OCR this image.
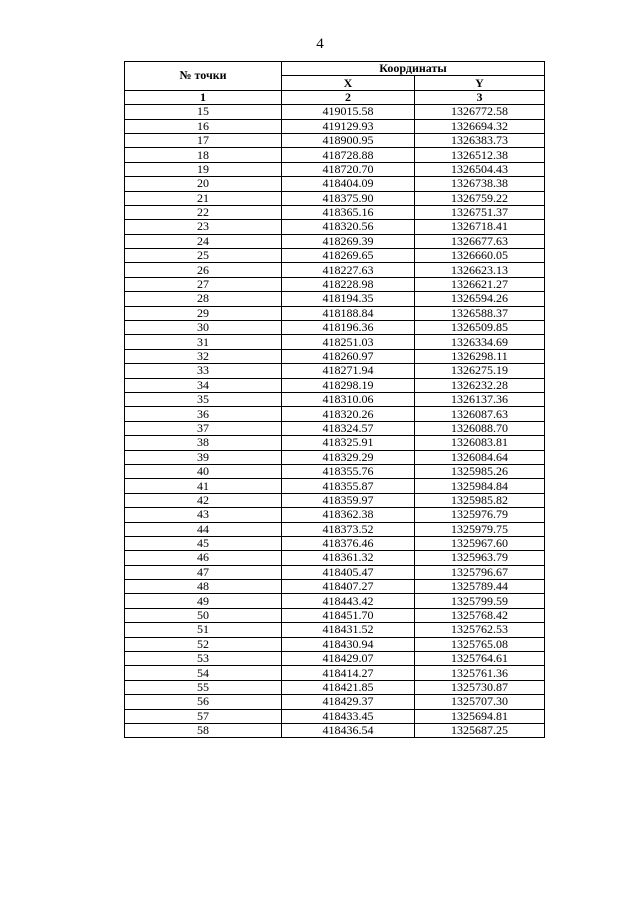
4
№ точки	Координаты	
	X	Y
1	2	3
15	419015.58	1326772.58
16	419129.93	1326694.32
17	418900.95	1326383.73
18	418728.88	1326512.38
19	418720.70	1326504.43
20	418404.09	1326738.38
21	418375.90	1326759.22
22	418365.16	1326751.37
23	418320.56	1326718.41
24	418269.39	1326677.63
25	418269.65	1326660.05
26	418227.63	1326623.13
27	418228.98	1326621.27
28	418194.35	1326594.26
29	418188.84	1326588.37
30	418196.36	1326509.85
31	418251.03	1326334.69
32	418260.97	1326298.11
33	418271.94	1326275.19
34	418298.19	1326232.28
35	418310.06	1326137.36
36	418320.26	1326087.63
37	418324.57	1326088.70
38	418325.91	1326083.81
39	418329.29	1326084.64
40	418355.76	1325985.26
41	418355.87	1325984.84
42	418359.97	1325985.82
43	418362.38	1325976.79
44	418373.52	1325979.75
45	418376.46	1325967.60
46	418361.32	1325963.79
47	418405.47	1325796.67
48	418407.27	1325789.44
49	418443.42	1325799.59
50	418451.70	1325768.42
51	418431.52	1325762.53
52	418430.94	1325765.08
53	418429.07	1325764.61
54	418414.27	1325761.36
55	418421.85	1325730.87
56	418429.37	1325707.30
57	418433.45	1325694.81
58	418436.54	1325687.25
